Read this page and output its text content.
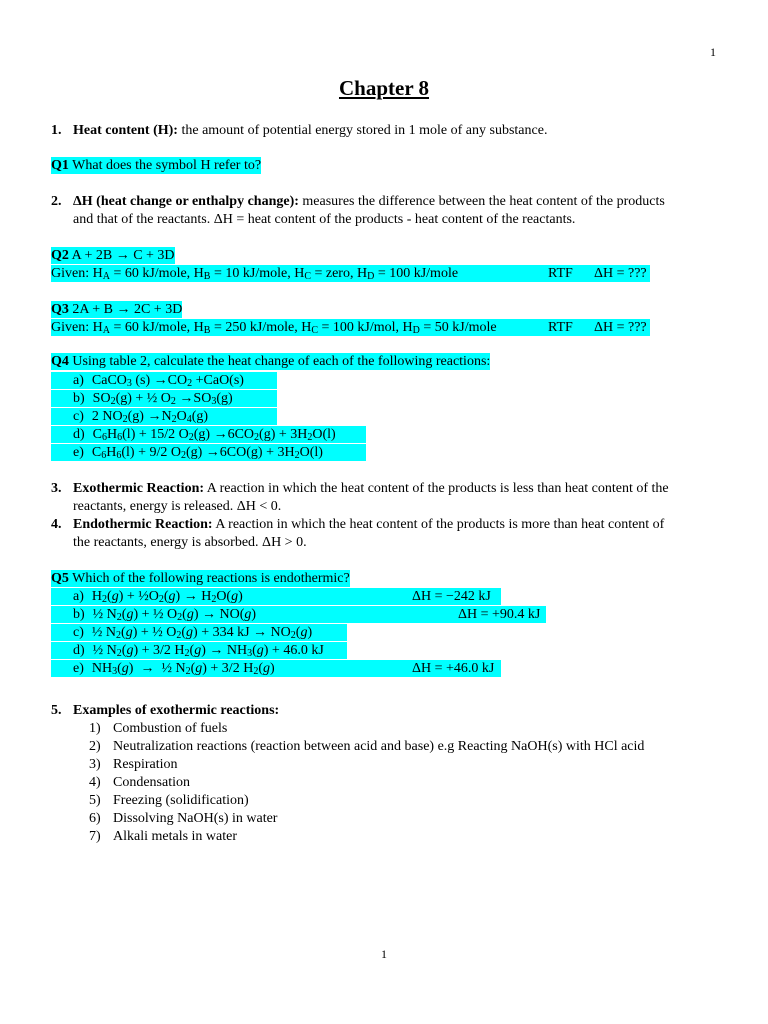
1
Chapter 8
1. Heat content (H): the amount of potential energy stored in 1 mole of any substance.
Q1 What does the symbol H refer to?
2. ΔH (heat change or enthalpy change): measures the difference between the heat content of the products
and that of the reactants. ΔH = heat content of the products - heat content of the reactants.
Q2 A + 2B → C + 3D
Given: $H_A = 60$ kJ/mole, $H_B = 10$ kJ/mole, $H_C$ = zero, $H_D = 100$ kJ/mole	RTF ΔH = ???
Q3 2A + B → 2C + 3D
Given: $H_A = 60$ kJ/mole, $H_B = 250$ kJ/mole, $H_C = 100$ kJ/mol, $H_D = 50$ kJ/mole	RTF ΔH = ???
Q4 Using table 2, calculate the heat change of each of the following reactions:
a) CaCO$_3$ $(s) \to CO_2 +CaO(s)$
b) $SO_2(g)$ + ½ $O_2 \to SO_3(g)$
c) 2 $NO_2(g) \to N_2O_4(g)$
d) $C_6H_6(l) + 15/2$ $O_2(g) \to 6CO_2(g) + 3H_2O(l)$
e) $C_6H_6(l) + 9/2$ $O_2(g) \to 6CO(g) + 3H_2O(l)$
3. Exothermic Reaction: A reaction in which the heat content of the products is less than heat content of the
reactants, energy is released. ΔH < 0.
4. Endothermic Reaction: A reaction in which the heat content of the products is more than heat content of
the reactants, energy is absorbed. ΔH > 0.
Q5 Which of the following reactions is endothermic?
a) $H_2(g)$ + $\frac{1}{2}O_2(g) \to H_2O(g)$	ΔH = −242 kJ
b) ½ $N_2(g)$ + ½ $O_2(g) \to NO(g)$	ΔH = +90.4 kJ
c) ½ $N_2(g)$ + ½ $O_2(g) + 334$ kJ → $NO_2(g)$
d) ½ $N_2(g) + 3/2$ $H_2(g) \to NH_3(g) + 46.0$ kJ
e) $NH_3(g)$  →  ½ $N_2(g) + 3/2$ $H_2(g)$	ΔH = +46.0 kJ
5. Examples of exothermic reactions:
1) Combustion of fuels
2) Neutralization reactions (reaction between acid and base) e.g Reacting NaOH(s) with HCl acid
3) Respiration
4) Condensation
5) Freezing (solidification)
6) Dissolving NaOH(s) in water
7) Alkali metals in water
1
